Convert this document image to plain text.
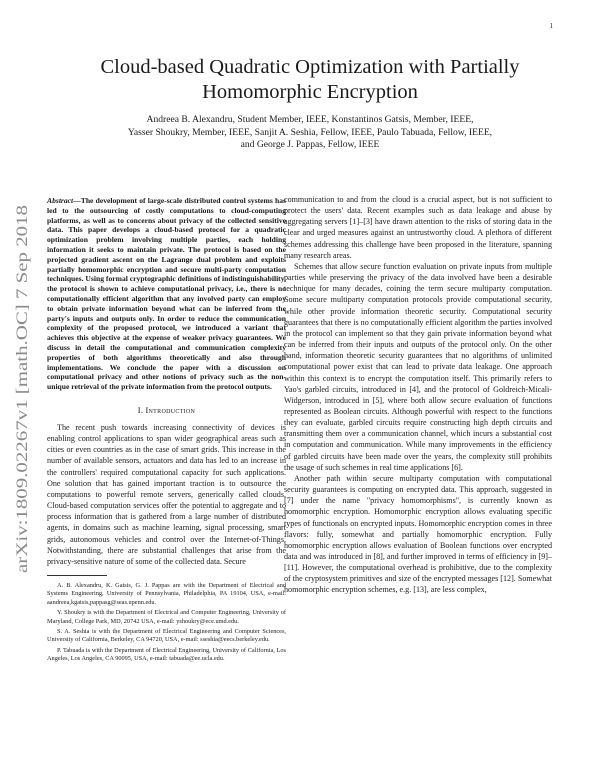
1
arXiv:1809.02267v1 [math.OC] 7 Sep 2018
Cloud-based Quadratic Optimization with Partially Homomorphic Encryption
Andreea B. Alexandru, Student Member, IEEE, Konstantinos Gatsis, Member, IEEE,
Yasser Shoukry, Member, IEEE, Sanjit A. Seshia, Fellow, IEEE, Paulo Tabuada, Fellow, IEEE,
and George J. Pappas, Fellow, IEEE
Abstract—The development of large-scale distributed control systems has led to the outsourcing of costly computations to cloud-computing platforms, as well as to concerns about privacy of the collected sensitive data. This paper develops a cloud-based protocol for a quadratic optimization problem involving multiple parties, each holding information it seeks to maintain private. The protocol is based on the projected gradient ascent on the Lagrange dual problem and exploits partially homomorphic encryption and secure multi-party computation techniques. Using formal cryptographic definitions of indistinguishability, the protocol is shown to achieve computational privacy, i.e., there is no computationally efficient algorithm that any involved party can employ to obtain private information beyond what can be inferred from the party's inputs and outputs only. In order to reduce the communication complexity of the proposed protocol, we introduced a variant that achieves this objective at the expense of weaker privacy guarantees. We discuss in detail the computational and communication complexity properties of both algorithms theoretically and also through implementations. We conclude the paper with a discussion on computational privacy and other notions of privacy such as the non-unique retrieval of the private information from the protocol outputs.
I. Introduction

The recent push towards increasing connectivity of devices is enabling control applications to span wider geographical areas such as cities or even countries as in the case of smart grids. This increase in the number of available sensors, actuators and data has led to an increase in the controllers' required computational capacity for such applications. One solution that has gained important traction is to outsource the computations to powerful remote servers, generically called clouds. Cloud-based computation services offer the potential to aggregate and to process information that is gathered from a large number of distributed agents, in domains such as machine learning, signal processing, smart grids, autonomous vehicles and control over the Internet-of-Things. Notwithstanding, there are substantial challenges that arise from the privacy-sensitive nature of some of the collected data. Secure

A. B. Alexandru, K. Gatsis, G. J. Pappas are with the Department of Electrical and Systems Engineering, University of Pennsylvania, Philadelphia, PA 19104, USA, e-mail: aandreea,kgatsis,pappasg@seas.upenn.edu.

Y. Shoukry is with the Department of Electrical and Computer Engineering, University of Maryland, College Park, MD, 20742 USA, e-mail: yshoukry@ece.umd.edu.

S. A. Seshia is with the Department of Electrical Engineering and Computer Sciences, University of California, Berkeley, CA 94720, USA, e-mail: sseshia@eecs.berkeley.edu.

P. Tabuada is with the Department of Electrical Engineering, University of California, Los Angeles, Los Angeles, CA 90095, USA, e-mail: tabuada@ee.ucla.edu.

communication to and from the cloud is a crucial aspect, but is not sufficient to protect the users' data. Recent examples such as data leakage and abuse by aggregating servers [1]–[3] have drawn attention to the risks of storing data in the clear and urged measures against an untrustworthy cloud. A plethora of different schemes addressing this challenge have been proposed in the literature, spanning many research areas.

Schemes that allow secure function evaluation on private inputs from multiple parties while preserving the privacy of the data involved have been a desirable technique for many decades, coining the term secure multiparty computation. Some secure multiparty computation protocols provide computational security, while other provide information theoretic security. Computational security guarantees that there is no computationally efficient algorithm the parties involved in the protocol can implement so that they gain private information beyond what can be inferred from their inputs and outputs of the protocol only. On the other hand, information theoretic security guarantees that no algorithms of unlimited computational power exist that can lead to private data leakage. One approach within this context is to encrypt the computation itself. This primarily refers to Yao's garbled circuits, introduced in [4], and the protocol of Goldreich-Micali-Widgerson, introduced in [5], where both allow secure evaluation of functions represented as Boolean circuits. Although powerful with respect to the functions they can evaluate, garbled circuits require constructing high depth circuits and transmitting them over a communication channel, which incurs a substantial cost in computation and communication. While many improvements in the efficiency of garbled circuits have been made over the years, the complexity still prohibits the usage of such schemes in real time applications [6].

Another path within secure multiparty computation with computational security guarantees is computing on encrypted data. This approach, suggested in [7] under the name "privacy homomorphisms", is currently known as homomorphic encryption. Homomorphic encryption allows evaluating specific types of functionals on encrypted inputs. Homomorphic encryption comes in three flavors: fully, somewhat and partially homomorphic encryption. Fully homomorphic encryption allows evaluation of Boolean functions over encrypted data and was introduced in [8], and further improved in terms of efficiency in [9]–[11]. However, the computational overhead is prohibitive, due to the complexity of the cryptosystem primitives and size of the encrypted messages [12]. Somewhat homomorphic encryption schemes, e.g. [13], are less complex,
